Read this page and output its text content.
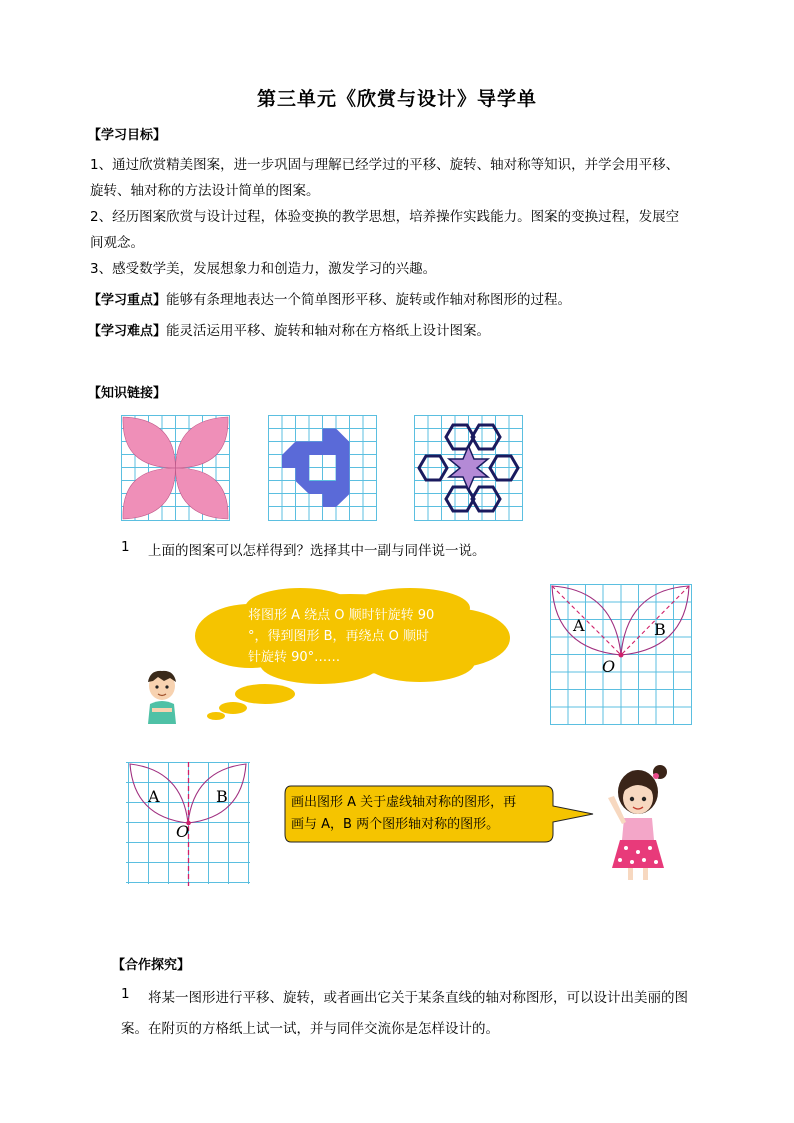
第三单元《欣赏与设计》导学单
【学习目标】
1、通过欣赏精美图案，进一步巩固与理解已经学过的平移、旋转、轴对称等知识，并学会用平移、
旋转、轴对称的方法设计简单的图案。
2、经历图案欣赏与设计过程，体验变换的教学思想，培养操作实践能力。图案的变换过程，发展空
间观念。
3、感受数学美，发展想象力和创造力，激发学习的兴趣。
【学习重点】能够有条理地表达一个简单图形平移、旋转或作轴对称图形的过程。
【学习难点】能灵活运用平移、旋转和轴对称在方格纸上设计图案。
【知识链接】
1 上面的图案可以怎样得到？选择其中一副与同伴说一说。
将图形 A 绕点 O 顺时针旋转 90
°，得到图形 B，再绕点 O 顺时
针旋转 90°……
A	B
O
A	B
O
画出图形 A 关于虚线轴对称的图形，再
画与 A，B 两个图形轴对称的图形。
【合作探究】
1 将某一图形进行平移、旋转，或者画出它关于某条直线的轴对称图形，可以设计出美丽的图
案。在附页的方格纸上试一试，并与同伴交流你是怎样设计的。
